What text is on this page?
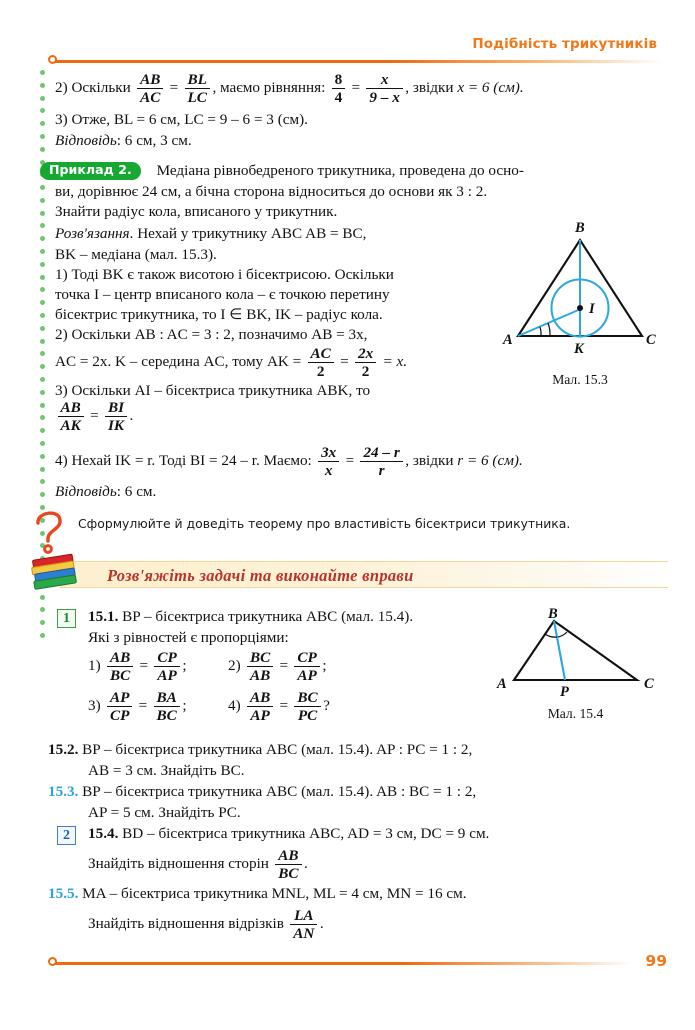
Подібність трикутників
2) Оскільки $\frac{AB}{AC} = \frac{BL}{LC}$ , маємо рівняння: $\frac{8}{4} = \frac{x}{9 - x}$ , звідки x = 6 (см).
3) Отже, BL = 6 см, LC = 9 – 6 = 3 (см).
Відповідь: 6 см, 3 см.
Приклад 2. Медіана рівнобедреного трикутника, проведена до осно-
ви, дорівнює 24 см, а бічна сторона відноситься до основи як 3 : 2.
Знайти радіус кола, вписаного у трикутник.
Розв'язання. Нехай у трикутнику ABC AB = BC,
BK – медіана (мал. 15.3).
1) Тоді BK є також висотою і бісектрисою. Оскільки
точка I – центр вписаного кола – є точкою перетину
бісектрис трикутника, то I ∈ BK, IK – радіус кола.
2) Оскільки AB : AC = 3 : 2, позначимо AB = 3x,
AC = 2x. K – середина AC, тому AK = $\frac{AC}{2} = \frac{2x}{2} = x$.
3) Оскільки AI – бісектриса трикутника ABK, то
$\frac{AB}{AK} = \frac{BI}{IK}$ .
4) Нехай IK = r. Тоді BI = 24 – r. Маємо: $\frac{3x}{x} = \frac{24 - r}{r}$ , звідки r = 6 (см).
Відповідь: 6 см.
B
A	C
K
I
Мал. 15.3
Сформулюйте й доведіть теорему про властивість бісектриси трикутника.
Розв'яжіть задачі та виконайте вправи
1	15.1. BP – бісектриса трикутника ABC (мал. 15.4).
Які з рівностей є пропорціями:
$1) \frac{AB}{BC} = \frac{CP}{AP}$ ;	$2) \frac{BC}{AB} = \frac{CP}{AP}$ ;
$3) \frac{AP}{CP} = \frac{BA}{BC}$ ;	$4) \frac{AB}{AP} = \frac{BC}{PC}$ ?
B
A	C
P
Мал. 15.4
15.2. BP – бісектриса трикутника ABC (мал. 15.4). AP : PC = 1 : 2,
AB = 3 см. Знайдіть BC.
15.3. BP – бісектриса трикутника ABC (мал. 15.4). AB : BC = 1 : 2,
AP = 5 см. Знайдіть PC.
2	15.4. BD – бісектриса трикутника ABC, AD = 3 см, DC = 9 см.
Знайдіть відношення сторін $\frac{AB}{BC}$ .
15.5. MA – бісектриса трикутника MNL, ML = 4 см, MN = 16 см.
Знайдіть відношення відрізків $\frac{LA}{AN}$ .
99
